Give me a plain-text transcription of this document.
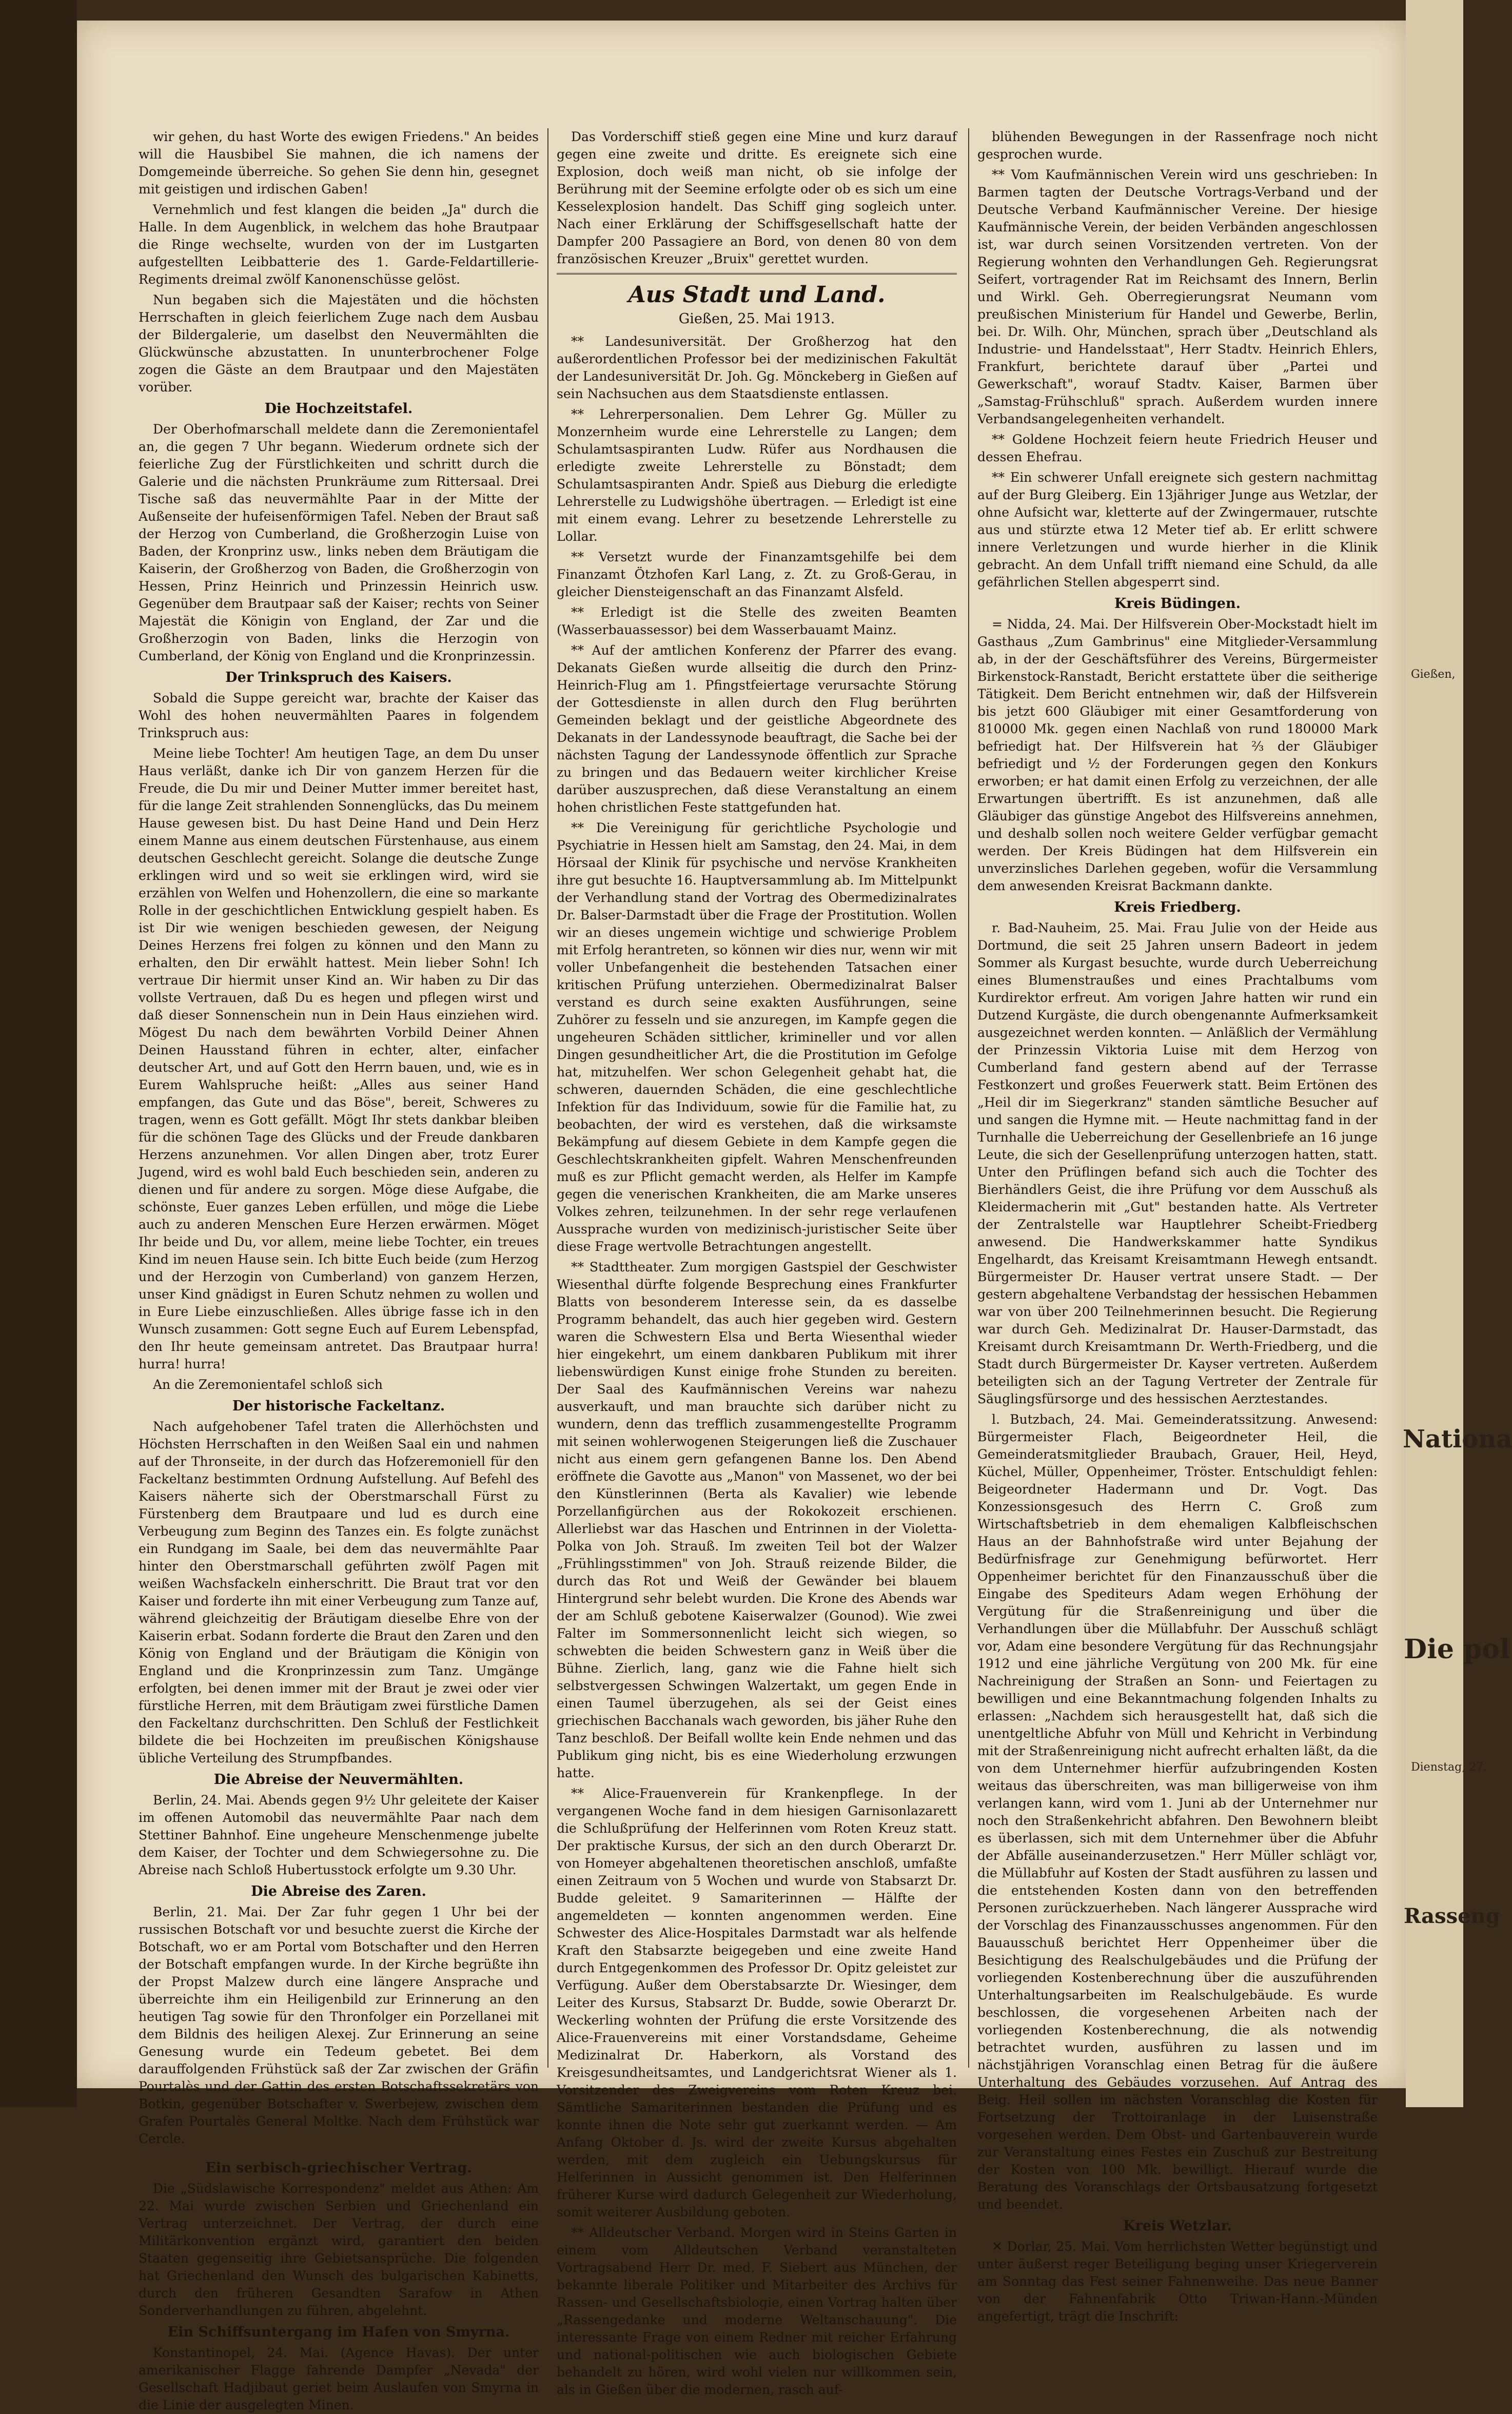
wir gehen, du hast Worte des ewigen Friedens." An beides will die Hausbibel Sie mahnen, die ich namens der Domgemeinde überreiche. So gehen Sie denn hin, gesegnet mit geistigen und irdischen Gaben!

Vernehmlich und fest klangen die beiden „Ja" durch die Halle. In dem Augenblick, in welchem das hohe Brautpaar die Ringe wechselte, wurden von der im Lustgarten aufgestellten Leibbatterie des 1. Garde-Feldartillerie-Regiments dreimal zwölf Kanonenschüsse gelöst.

Nun begaben sich die Majestäten und die höchsten Herrschaften in gleich feierlichem Zuge nach dem Ausbau der Bildergalerie, um daselbst den Neuvermählten die Glückwünsche abzustatten. In ununterbrochener Folge zogen die Gäste an dem Brautpaar und den Majestäten vorüber.

Die Hochzeitstafel.

Der Oberhofmarschall meldete dann die Zeremonientafel an, die gegen 7 Uhr begann. Wiederum ordnete sich der feierliche Zug der Fürstlichkeiten und schritt durch die Galerie und die nächsten Prunkräume zum Rittersaal. Drei Tische saß das neuvermählte Paar in der Mitte der Außenseite der hufeisenförmigen Tafel. Neben der Braut saß der Herzog von Cumberland, die Großherzogin Luise von Baden, der Kronprinz usw., links neben dem Bräutigam die Kaiserin, der Großherzog von Baden, die Großherzogin von Hessen, Prinz Heinrich und Prinzessin Heinrich usw. Gegenüber dem Brautpaar saß der Kaiser; rechts von Seiner Majestät die Königin von England, der Zar und die Großherzogin von Baden, links die Herzogin von Cumberland, der König von England und die Kronprinzessin.

Der Trinkspruch des Kaisers.

Sobald die Suppe gereicht war, brachte der Kaiser das Wohl des hohen neuvermählten Paares in folgendem Trinkspruch aus:

Meine liebe Tochter! Am heutigen Tage, an dem Du unser Haus verläßt, danke ich Dir von ganzem Herzen für die Freude, die Du mir und Deiner Mutter immer bereitet hast, für die lange Zeit strahlenden Sonnenglücks, das Du meinem Hause gewesen bist. Du hast Deine Hand und Dein Herz einem Manne aus einem deutschen Fürstenhause, aus einem deutschen Geschlecht gereicht. Solange die deutsche Zunge erklingen wird und so weit sie erklingen wird, wird sie erzählen von Welfen und Hohenzollern, die eine so markante Rolle in der geschichtlichen Entwicklung gespielt haben. Es ist Dir wie wenigen beschieden gewesen, der Neigung Deines Herzens frei folgen zu können und den Mann zu erhalten, den Dir erwählt hattest. Mein lieber Sohn! Ich vertraue Dir hiermit unser Kind an. Wir haben zu Dir das vollste Vertrauen, daß Du es hegen und pflegen wirst und daß dieser Sonnenschein nun in Dein Haus einziehen wird. Mögest Du nach dem bewährten Vorbild Deiner Ahnen Deinen Hausstand führen in echter, alter, einfacher deutscher Art, und auf Gott den Herrn bauen, und, wie es in Eurem Wahlspruche heißt: „Alles aus seiner Hand empfangen, das Gute und das Böse", bereit, Schweres zu tragen, wenn es Gott gefällt. Mögt Ihr stets dankbar bleiben für die schönen Tage des Glücks und der Freude dankbaren Herzens anzunehmen. Vor allen Dingen aber, trotz Eurer Jugend, wird es wohl bald Euch beschieden sein, anderen zu dienen und für andere zu sorgen. Möge diese Aufgabe, die schönste, Euer ganzes Leben erfüllen, und möge die Liebe auch zu anderen Menschen Eure Herzen erwärmen. Möget Ihr beide und Du, vor allem, meine liebe Tochter, ein treues Kind im neuen Hause sein. Ich bitte Euch beide (zum Herzog und der Herzogin von Cumberland) von ganzem Herzen, unser Kind gnädigst in Euren Schutz nehmen zu wollen und in Eure Liebe einzuschließen. Alles übrige fasse ich in den Wunsch zusammen: Gott segne Euch auf Eurem Lebenspfad, den Ihr heute gemeinsam antretet. Das Brautpaar hurra! hurra! hurra!

An die Zeremonientafel schloß sich

Der historische Fackeltanz.

Nach aufgehobener Tafel traten die Allerhöchsten und Höchsten Herrschaften in den Weißen Saal ein und nahmen auf der Thronseite, in der durch das Hofzeremoniell für den Fackeltanz bestimmten Ordnung Aufstellung. Auf Befehl des Kaisers näherte sich der Oberstmarschall Fürst zu Fürstenberg dem Brautpaare und lud es durch eine Verbeugung zum Beginn des Tanzes ein. Es folgte zunächst ein Rundgang im Saale, bei dem das neuvermählte Paar hinter den Oberstmarschall geführten zwölf Pagen mit weißen Wachsfackeln einherschritt. Die Braut trat vor den Kaiser und forderte ihn mit einer Verbeugung zum Tanze auf, während gleichzeitig der Bräutigam dieselbe Ehre von der Kaiserin erbat. Sodann forderte die Braut den Zaren und den König von England und der Bräutigam die Königin von England und die Kronprinzessin zum Tanz. Umgänge erfolgten, bei denen immer mit der Braut je zwei oder vier fürstliche Herren, mit dem Bräutigam zwei fürstliche Damen den Fackeltanz durchschritten. Den Schluß der Festlichkeit bildete die bei Hochzeiten im preußischen Königshause übliche Verteilung des Strumpfbandes.

Die Abreise der Neuvermählten.

Berlin, 24. Mai. Abends gegen 9½ Uhr geleitete der Kaiser im offenen Automobil das neuvermählte Paar nach dem Stettiner Bahnhof. Eine ungeheure Menschenmenge jubelte dem Kaiser, der Tochter und dem Schwiegersohne zu. Die Abreise nach Schloß Hubertusstock erfolgte um 9.30 Uhr.

Die Abreise des Zaren.

Berlin, 21. Mai. Der Zar fuhr gegen 1 Uhr bei der russischen Botschaft vor und besuchte zuerst die Kirche der Botschaft, wo er am Portal vom Botschafter und den Herren der Botschaft empfangen wurde. In der Kirche begrüßte ihn der Propst Malzew durch eine längere Ansprache und überreichte ihm ein Heiligenbild zur Erinnerung an den heutigen Tag sowie für den Thronfolger ein Porzellanei mit dem Bildnis des heiligen Alexej. Zur Erinnerung an seine Genesung wurde ein Tedeum gebetet. Bei dem darauffolgenden Frühstück saß der Zar zwischen der Gräfin Pourtalès und der Gattin des ersten Botschaftssekretärs von Botkin, gegenüber Botschafter v. Swerbejew, zwischen dem Grafen Pourtalès General Moltke. Nach dem Frühstück war Cercle.

Ein serbisch-griechischer Vertrag.

Die „Südslawische Korrespondenz" meldet aus Athen: Am 22. Mai wurde zwischen Serbien und Griechenland ein Vertrag unterzeichnet. Der Vertrag, der durch eine Militärkonvention ergänzt wird, garantiert den beiden Staaten gegenseitig ihre Gebietsansprüche. Die folgenden hat Griechenland den Wunsch des bulgarischen Kabinetts, durch den früheren Gesandten Sarafow in Athen Sonderverhandlungen zu führen, abgelehnt.

Ein Schiffsuntergang im Hafen von Smyrna.

Konstantinopel, 24. Mai. (Agence Havas). Der unter amerikanischer Flagge fahrende Dampfer „Nevada" der Gesellschaft Hadjibaut geriet beim Auslaufen von Smyrna in die Linie der ausgelegten Minen.

Das Vorderschiff stieß gegen eine Mine und kurz darauf gegen eine zweite und dritte. Es ereignete sich eine Explosion, doch weiß man nicht, ob sie infolge der Berührung mit der Seemine erfolgte oder ob es sich um eine Kesselexplosion handelt. Das Schiff ging sogleich unter. Nach einer Erklärung der Schiffsgesellschaft hatte der Dampfer 200 Passagiere an Bord, von denen 80 von dem französischen Kreuzer „Bruix" gerettet wurden.

Aus Stadt und Land.
Gießen, 25. Mai 1913.

** Landesuniversität. Der Großherzog hat den außerordentlichen Professor bei der medizinischen Fakultät der Landesuniversität Dr. Joh. Gg. Mönckeberg in Gießen auf sein Nachsuchen aus dem Staatsdienste entlassen.

** Lehrerpersonalien. Dem Lehrer Gg. Müller zu Monzernheim wurde eine Lehrerstelle zu Langen; dem Schulamtsaspiranten Ludw. Rüfer aus Nordhausen die erledigte zweite Lehrerstelle zu Bönstadt; dem Schulamtsaspiranten Andr. Spieß aus Dieburg die erledigte Lehrerstelle zu Ludwigshöhe übertragen. — Erledigt ist eine mit einem evang. Lehrer zu besetzende Lehrerstelle zu Lollar.

** Versetzt wurde der Finanzamtsgehilfe bei dem Finanzamt Ötzhofen Karl Lang, z. Zt. zu Groß-Gerau, in gleicher Diensteigenschaft an das Finanzamt Alsfeld.

** Erledigt ist die Stelle des zweiten Beamten (Wasserbauassessor) bei dem Wasserbauamt Mainz.

** Auf der amtlichen Konferenz der Pfarrer des evang. Dekanats Gießen wurde allseitig die durch den Prinz-Heinrich-Flug am 1. Pfingstfeiertage verursachte Störung der Gottesdienste in allen durch den Flug berührten Gemeinden beklagt und der geistliche Abgeordnete des Dekanats in der Landessynode beauftragt, die Sache bei der nächsten Tagung der Landessynode öffentlich zur Sprache zu bringen und das Bedauern weiter kirchlicher Kreise darüber auszusprechen, daß diese Veranstaltung an einem hohen christlichen Feste stattgefunden hat.

** Die Vereinigung für gerichtliche Psychologie und Psychiatrie in Hessen hielt am Samstag, den 24. Mai, in dem Hörsaal der Klinik für psychische und nervöse Krankheiten ihre gut besuchte 16. Hauptversammlung ab. Im Mittelpunkt der Verhandlung stand der Vortrag des Obermedizinalrates Dr. Balser-Darmstadt über die Frage der Prostitution. Wollen wir an dieses ungemein wichtige und schwierige Problem mit Erfolg herantreten, so können wir dies nur, wenn wir mit voller Unbefangenheit die bestehenden Tatsachen einer kritischen Prüfung unterziehen. Obermedizinalrat Balser verstand es durch seine exakten Ausführungen, seine Zuhörer zu fesseln und sie anzuregen, im Kampfe gegen die ungeheuren Schäden sittlicher, krimineller und vor allen Dingen gesundheitlicher Art, die die Prostitution im Gefolge hat, mitzuhelfen. Wer schon Gelegenheit gehabt hat, die schweren, dauernden Schäden, die eine geschlechtliche Infektion für das Individuum, sowie für die Familie hat, zu beobachten, der wird es verstehen, daß die wirksamste Bekämpfung auf diesem Gebiete in dem Kampfe gegen die Geschlechtskrankheiten gipfelt. Wahren Menschenfreunden muß es zur Pflicht gemacht werden, als Helfer im Kampfe gegen die venerischen Krankheiten, die am Marke unseres Volkes zehren, teilzunehmen. In der sehr rege verlaufenen Aussprache wurden von medizinisch-juristischer Seite über diese Frage wertvolle Betrachtungen angestellt.

** Stadttheater. Zum morgigen Gastspiel der Geschwister Wiesenthal dürfte folgende Besprechung eines Frankfurter Blatts von besonderem Interesse sein, da es dasselbe Programm behandelt, das auch hier gegeben wird. Gestern waren die Schwestern Elsa und Berta Wiesenthal wieder hier eingekehrt, um einem dankbaren Publikum mit ihrer liebenswürdigen Kunst einige frohe Stunden zu bereiten. Der Saal des Kaufmännischen Vereins war nahezu ausverkauft, und man brauchte sich darüber nicht zu wundern, denn das trefflich zusammengestellte Programm mit seinen wohlerwogenen Steigerungen ließ die Zuschauer nicht aus einem gern gefangenen Banne los. Den Abend eröffnete die Gavotte aus „Manon" von Massenet, wo der bei den Künstlerinnen (Berta als Kavalier) wie lebende Porzellanfigürchen aus der Rokokozeit erschienen. Allerliebst war das Haschen und Entrinnen in der Violetta-Polka von Joh. Strauß. Im zweiten Teil bot der Walzer „Frühlingsstimmen" von Joh. Strauß reizende Bilder, die durch das Rot und Weiß der Gewänder bei blauem Hintergrund sehr belebt wurden. Die Krone des Abends war der am Schluß gebotene Kaiserwalzer (Gounod). Wie zwei Falter im Sommersonnenlicht leicht sich wiegen, so schwebten die beiden Schwestern ganz in Weiß über die Bühne. Zierlich, lang, ganz wie die Fahne hielt sich selbstvergessen Schwingen Walzertakt, um gegen Ende in einen Taumel überzugehen, als sei der Geist eines griechischen Bacchanals wach geworden, bis jäher Ruhe den Tanz beschloß. Der Beifall wollte kein Ende nehmen und das Publikum ging nicht, bis es eine Wiederholung erzwungen hatte.

** Alice-Frauenverein für Krankenpflege. In der vergangenen Woche fand in dem hiesigen Garnisonlazarett die Schlußprüfung der Helferinnen vom Roten Kreuz statt. Der praktische Kursus, der sich an den durch Oberarzt Dr. von Homeyer abgehaltenen theoretischen anschloß, umfaßte einen Zeitraum von 5 Wochen und wurde von Stabsarzt Dr. Budde geleitet. 9 Samariterinnen — Hälfte der angemeldeten — konnten angenommen werden. Eine Schwester des Alice-Hospitales Darmstadt war als helfende Kraft den Stabsarzte beigegeben und eine zweite Hand durch Entgegenkommen des Professor Dr. Opitz geleistet zur Verfügung. Außer dem Oberstabsarzte Dr. Wiesinger, dem Leiter des Kursus, Stabsarzt Dr. Budde, sowie Oberarzt Dr. Weckerling wohnten der Prüfung die erste Vorsitzende des Alice-Frauenvereins mit einer Vorstandsdame, Geheime Medizinalrat Dr. Haberkorn, als Vorstand des Kreisgesundheitsamtes, und Landgerichtsrat Wiener als 1. Vorsitzender des Zweigvereins vom Roten Kreuz bei. Sämtliche Samariterinnen bestanden die Prüfung und es konnte ihnen die Note sehr gut zuerkannt werden. — Am Anfang Oktober d. Js. wird der zweite Kursus abgehalten werden, mit dem zugleich ein Uebungskursus für Helferinnen in Aussicht genommen ist. Den Helferinnen früherer Kurse wird dadurch Gelegenheit zur Wiederholung, somit weiterer Ausbildung geboten.

** Alldeutscher Verband. Morgen wird in Steins Garten in einem vom Alldeutschen Verband veranstalteten Vortragsabend Herr Dr. med. F. Siebert aus München, der bekannte liberale Politiker und Mitarbeiter des Archivs für Rassen- und Gesellschaftsbiologie, einen Vortrag halten über „Rassengedanke und moderne Weltanschauung". Die interessante Frage von einem Redner mit reicher Erfahrung und national-politischen wie auch biologischen Gebiete behandelt zu hören, wird wohl vielen nur willkommen sein, als in Gießen über die modernen, rasch auf-

blühenden Bewegungen in der Rassenfrage noch nicht gesprochen wurde.

** Vom Kaufmännischen Verein wird uns geschrieben: In Barmen tagten der Deutsche Vortrags-Verband und der Deutsche Verband Kaufmännischer Vereine. Der hiesige Kaufmännische Verein, der beiden Verbänden angeschlossen ist, war durch seinen Vorsitzenden vertreten. Von der Regierung wohnten den Verhandlungen Geh. Regierungsrat Seifert, vortragender Rat im Reichsamt des Innern, Berlin und Wirkl. Geh. Oberregierungsrat Neumann vom preußischen Ministerium für Handel und Gewerbe, Berlin, bei. Dr. Wilh. Ohr, München, sprach über „Deutschland als Industrie- und Handelsstaat", Herr Stadtv. Heinrich Ehlers, Frankfurt, berichtete darauf über „Partei und Gewerkschaft", worauf Stadtv. Kaiser, Barmen über „Samstag-Frühschluß" sprach. Außerdem wurden innere Verbandsangelegenheiten verhandelt.

** Goldene Hochzeit feiern heute Friedrich Heuser und dessen Ehefrau.

** Ein schwerer Unfall ereignete sich gestern nachmittag auf der Burg Gleiberg. Ein 13jähriger Junge aus Wetzlar, der ohne Aufsicht war, kletterte auf der Zwingermauer, rutschte aus und stürzte etwa 12 Meter tief ab. Er erlitt schwere innere Verletzungen und wurde hierher in die Klinik gebracht. An dem Unfall trifft niemand eine Schuld, da alle gefährlichen Stellen abgesperrt sind.

Kreis Büdingen.

= Nidda, 24. Mai. Der Hilfsverein Ober-Mockstadt hielt im Gasthaus „Zum Gambrinus" eine Mitglieder-Versammlung ab, in der der Geschäftsführer des Vereins, Bürgermeister Birkenstock-Ranstadt, Bericht erstattete über die seitherige Tätigkeit. Dem Bericht entnehmen wir, daß der Hilfsverein bis jetzt 600 Gläubiger mit einer Gesamtforderung von 810000 Mk. gegen einen Nachlaß von rund 180000 Mark befriedigt hat. Der Hilfsverein hat ⅔ der Gläubiger befriedigt und ½ der Forderungen gegen den Konkurs erworben; er hat damit einen Erfolg zu verzeichnen, der alle Erwartungen übertrifft. Es ist anzunehmen, daß alle Gläubiger das günstige Angebot des Hilfsvereins annehmen, und deshalb sollen noch weitere Gelder verfügbar gemacht werden. Der Kreis Büdingen hat dem Hilfsverein ein unverzinsliches Darlehen gegeben, wofür die Versammlung dem anwesenden Kreisrat Backmann dankte.

Kreis Friedberg.

r. Bad-Nauheim, 25. Mai. Frau Julie von der Heide aus Dortmund, die seit 25 Jahren unsern Badeort in jedem Sommer als Kurgast besuchte, wurde durch Ueberreichung eines Blumenstraußes und eines Prachtalbums vom Kurdirektor erfreut. Am vorigen Jahre hatten wir rund ein Dutzend Kurgäste, die durch obengenannte Aufmerksamkeit ausgezeichnet werden konnten. — Anläßlich der Vermählung der Prinzessin Viktoria Luise mit dem Herzog von Cumberland fand gestern abend auf der Terrasse Festkonzert und großes Feuerwerk statt. Beim Ertönen des „Heil dir im Siegerkranz" standen sämtliche Besucher auf und sangen die Hymne mit. — Heute nachmittag fand in der Turnhalle die Ueberreichung der Gesellenbriefe an 16 junge Leute, die sich der Gesellenprüfung unterzogen hatten, statt. Unter den Prüflingen befand sich auch die Tochter des Bierhändlers Geist, die ihre Prüfung vor dem Ausschuß als Kleidermacherin mit „Gut" bestanden hatte. Als Vertreter der Zentralstelle war Hauptlehrer Scheibt-Friedberg anwesend. Die Handwerkskammer hatte Syndikus Engelhardt, das Kreisamt Kreisamtmann Hewegh entsandt. Bürgermeister Dr. Hauser vertrat unsere Stadt. — Der gestern abgehaltene Verbandstag der hessischen Hebammen war von über 200 Teilnehmerinnen besucht. Die Regierung war durch Geh. Medizinalrat Dr. Hauser-Darmstadt, das Kreisamt durch Kreisamtmann Dr. Werth-Friedberg, und die Stadt durch Bürgermeister Dr. Kayser vertreten. Außerdem beteiligten sich an der Tagung Vertreter der Zentrale für Säuglingsfürsorge und des hessischen Aerztestandes.

l. Butzbach, 24. Mai. Gemeinderatssitzung. Anwesend: Bürgermeister Flach, Beigeordneter Heil, die Gemeinderatsmitglieder Braubach, Grauer, Heil, Heyd, Küchel, Müller, Oppenheimer, Tröster. Entschuldigt fehlen: Beigeordneter Hadermann und Dr. Vogt. Das Konzessionsgesuch des Herrn C. Groß zum Wirtschaftsbetrieb in dem ehemaligen Kalbfleischschen Haus an der Bahnhofstraße wird unter Bejahung der Bedürfnisfrage zur Genehmigung befürwortet. Herr Oppenheimer berichtet für den Finanzausschuß über die Eingabe des Spediteurs Adam wegen Erhöhung der Vergütung für die Straßenreinigung und über die Verhandlungen über die Müllabfuhr. Der Ausschuß schlägt vor, Adam eine besondere Vergütung für das Rechnungsjahr 1912 und eine jährliche Vergütung von 200 Mk. für eine Nachreinigung der Straßen an Sonn- und Feiertagen zu bewilligen und eine Bekanntmachung folgenden Inhalts zu erlassen: „Nachdem sich herausgestellt hat, daß sich die unentgeltliche Abfuhr von Müll und Kehricht in Verbindung mit der Straßenreinigung nicht aufrecht erhalten läßt, da die von dem Unternehmer hierfür aufzubringenden Kosten weitaus das überschreiten, was man billigerweise von ihm verlangen kann, wird vom 1. Juni ab der Unternehmer nur noch den Straßenkehricht abfahren. Den Bewohnern bleibt es überlassen, sich mit dem Unternehmer über die Abfuhr der Abfälle auseinanderzusetzen." Herr Müller schlägt vor, die Müllabfuhr auf Kosten der Stadt ausführen zu lassen und die entstehenden Kosten dann von den betreffenden Personen zurückzuerheben. Nach längerer Aussprache wird der Vorschlag des Finanzausschusses angenommen. Für den Bauausschuß berichtet Herr Oppenheimer über die Besichtigung des Realschulgebäudes und die Prüfung der vorliegenden Kostenberechnung über die auszuführenden Unterhaltungsarbeiten im Realschulgebäude. Es wurde beschlossen, die vorgesehenen Arbeiten nach der vorliegenden Kostenberechnung, die als notwendig betrachtet wurden, ausführen zu lassen und im nächstjährigen Voranschlag einen Betrag für die äußere Unterhaltung des Gebäudes vorzusehen. Auf Antrag des Beig. Heil sollen im nächsten Voranschlag die Kosten für Fortsetzung der Trottoiranlage in der Luisenstraße vorgesehen werden. Dem Obst- und Gartenbauverein wurde zur Veranstaltung eines Festes ein Zuschuß zur Bestreitung der Kosten von 100 Mk. bewilligt. Hierauf wurde die Beratung des Voranschlags der Ortsbausatzung fortgesetzt und beendet.

Kreis Wetzlar.

✕ Dorlar, 25. Mai. Vom herrlichsten Wetter begünstigt und unter äußerst reger Beteiligung beging unser Kriegerverein am Sonntag das Fest seiner Fahnenweihe. Das neue Banner von der Fahnenfabrik Otto Triwan-Hann.-Münden angefertigt, trägt die Inschrift:

Gießen,
Nationa
Die pol
Dienstag, 27.
Rasseng
